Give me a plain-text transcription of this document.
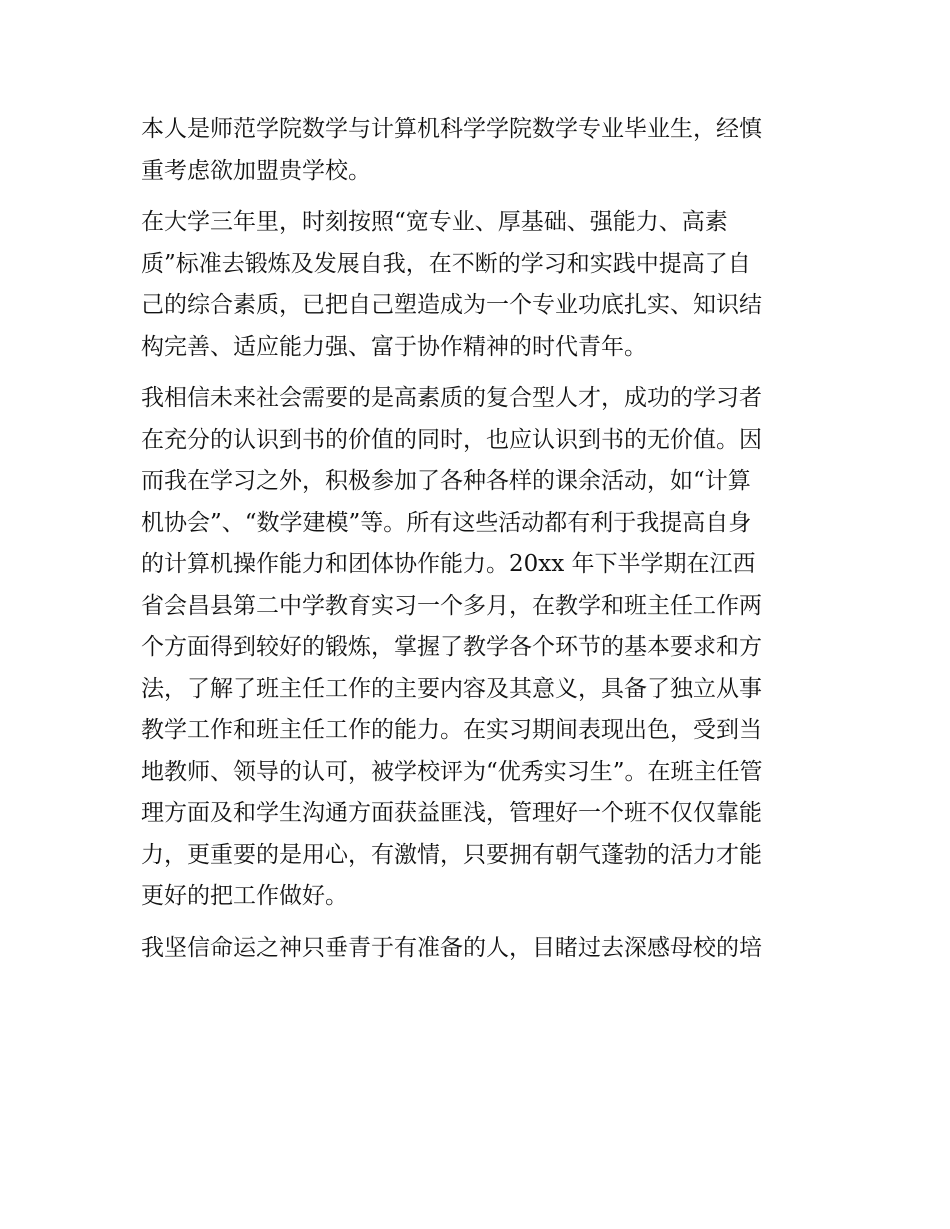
本人是师范学院数学与计算机科学学院数学专业毕业生，经慎
重考虑欲加盟贵学校。
在大学三年里，时刻按照“宽专业、厚基础、强能力、高素
质”标准去锻炼及发展自我，在不断的学习和实践中提高了自
己的综合素质，已把自己塑造成为一个专业功底扎实、知识结
构完善、适应能力强、富于协作精神的时代青年。
我相信未来社会需要的是高素质的复合型人才，成功的学习者
在充分的认识到书的价值的同时，也应认识到书的无价值。因
而我在学习之外，积极参加了各种各样的课余活动，如“计算
机协会”、“数学建模”等。所有这些活动都有利于我提高自身
的计算机操作能力和团体协作能力。20xx 年下半学期在江西
省会昌县第二中学教育实习一个多月，在教学和班主任工作两
个方面得到较好的锻炼，掌握了教学各个环节的基本要求和方
法，了解了班主任工作的主要内容及其意义，具备了独立从事
教学工作和班主任工作的能力。在实习期间表现出色，受到当
地教师、领导的认可，被学校评为“优秀实习生”。在班主任管
理方面及和学生沟通方面获益匪浅，管理好一个班不仅仅靠能
力，更重要的是用心，有激情，只要拥有朝气蓬勃的活力才能
更好的把工作做好。
我坚信命运之神只垂青于有准备的人，目睹过去深感母校的培
